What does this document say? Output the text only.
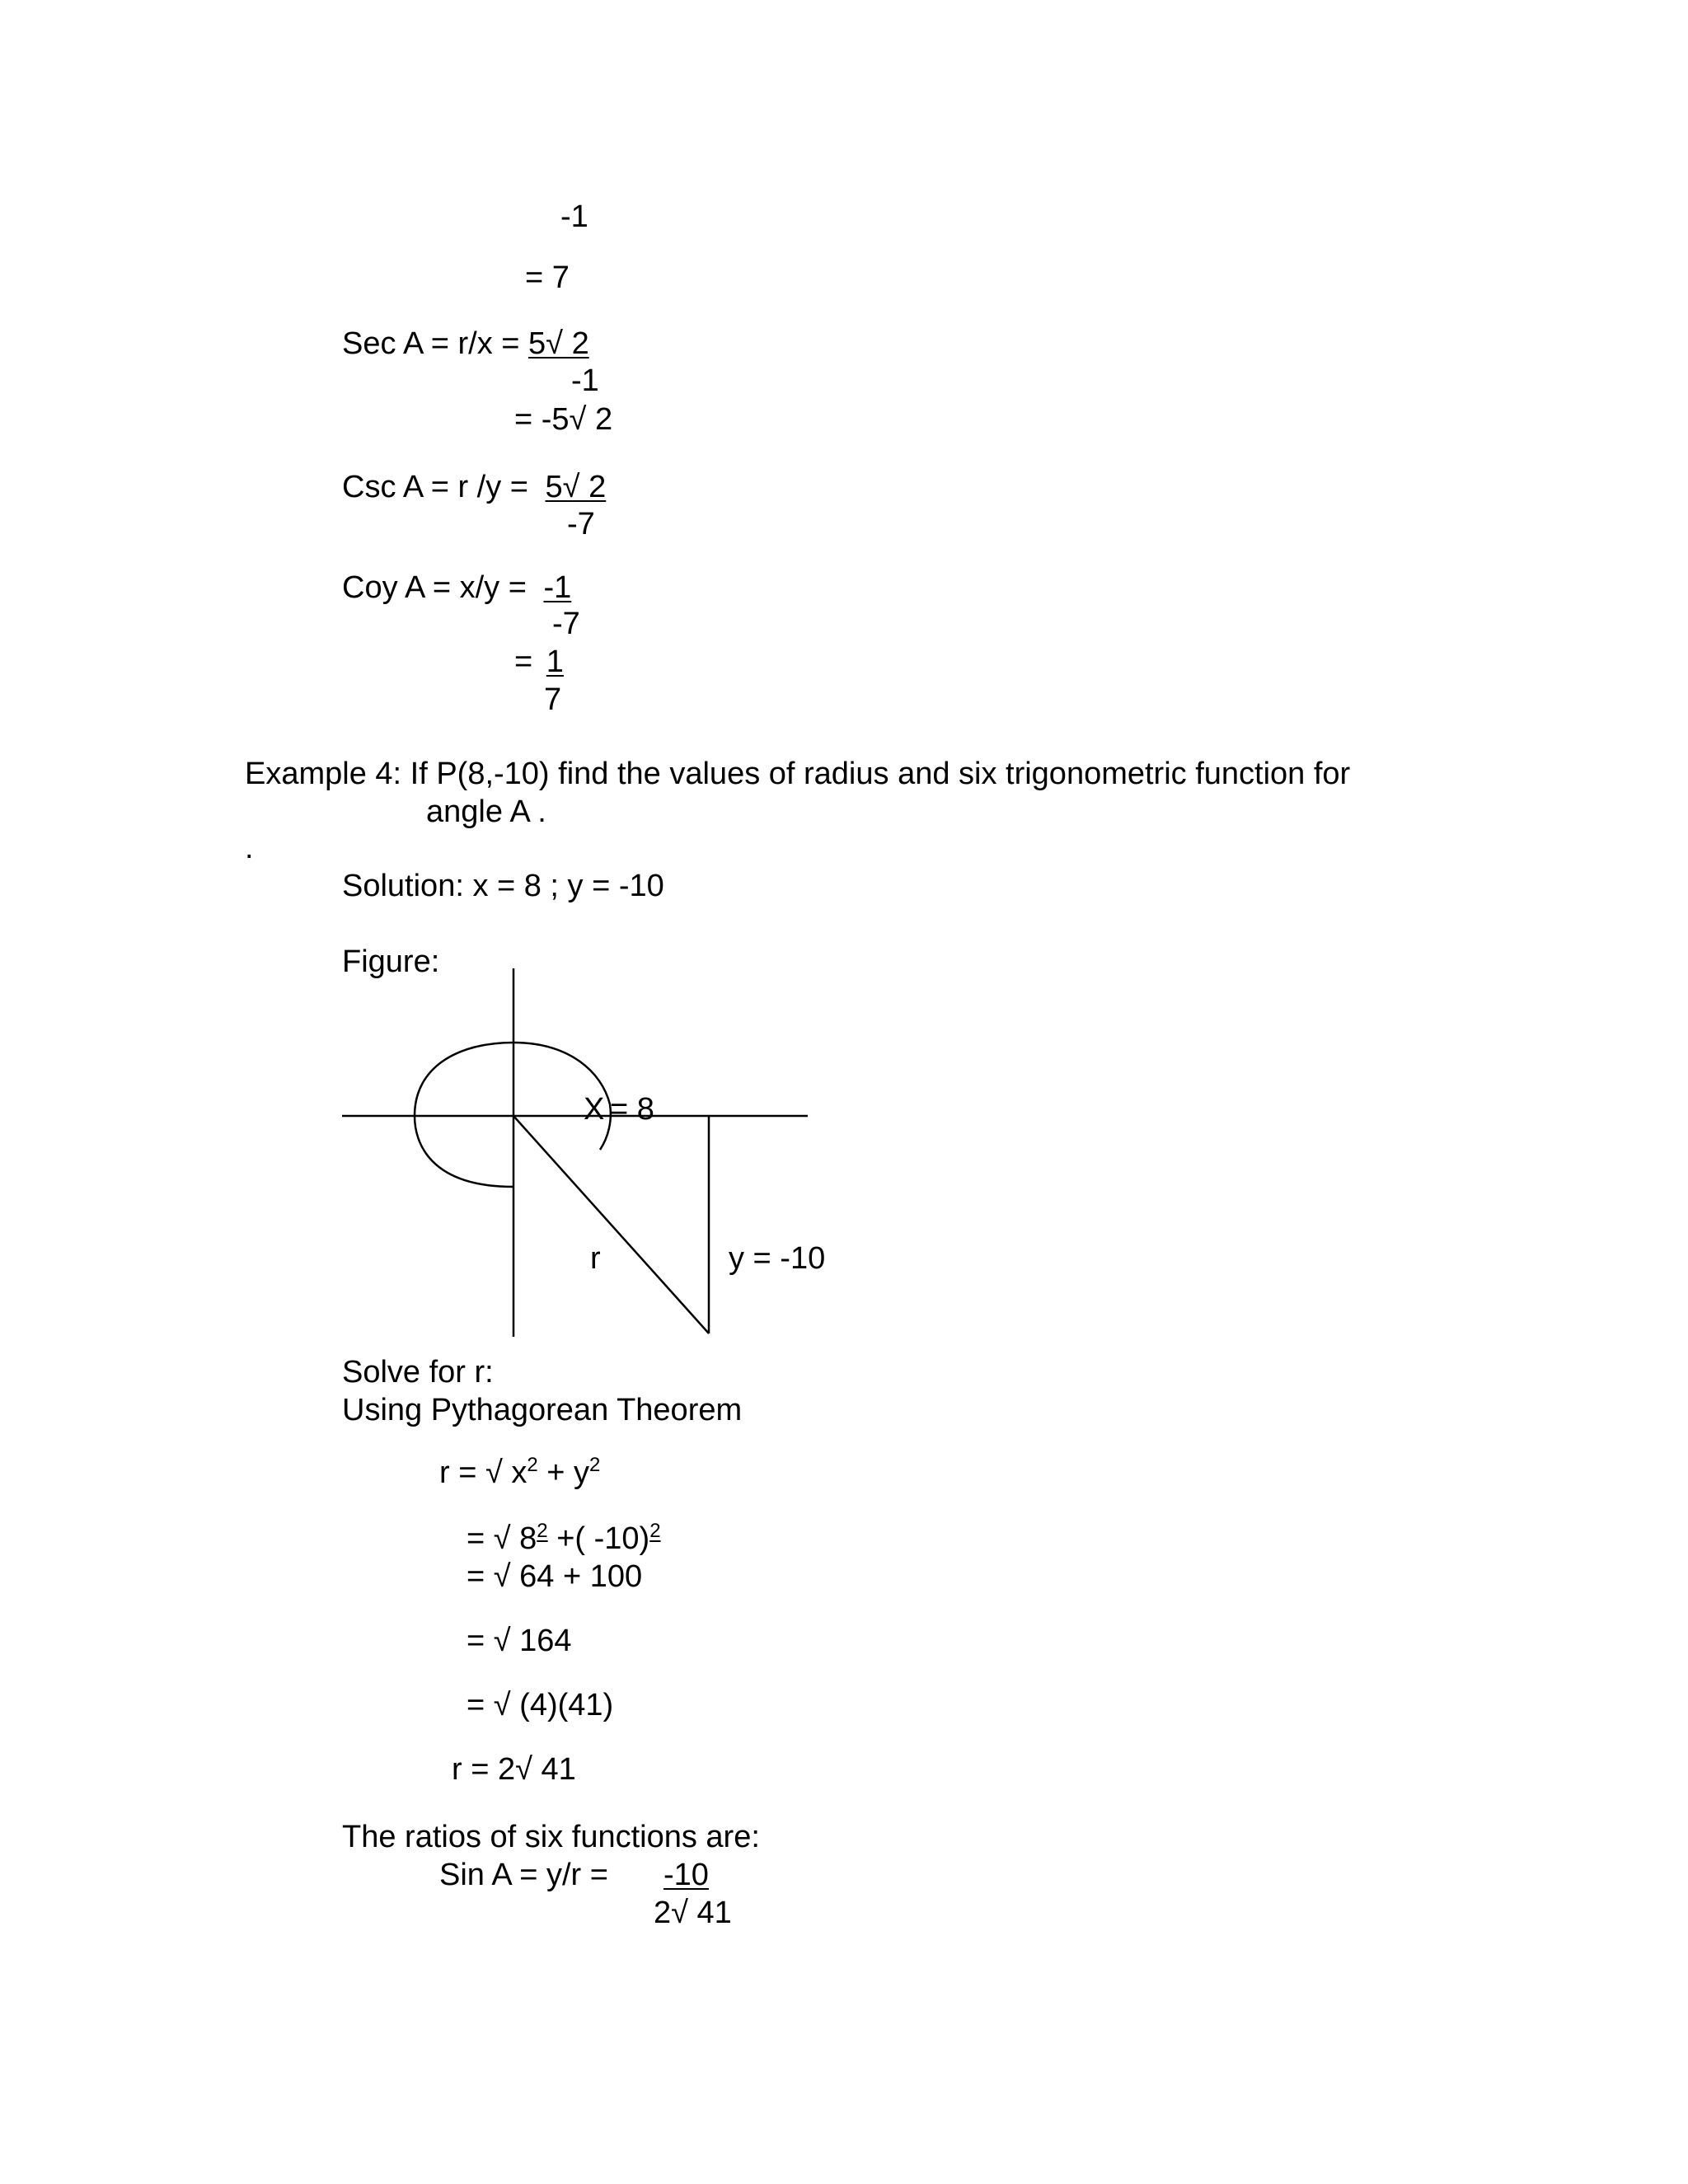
-1
= 7
Sec A = r/x = 5√ 2
-1
= -5√ 2
Csc A = r /y = 5√ 2
-7
Coy A = x/y = -1
-7
= 1
7
Example 4: If P(8,-10) find the values of radius and six trigonometric function for
angle A .
.
Solution: x = 8 ; y = -10
Figure:
X = 8
r	y = -10
Solve for r:
Using Pythagorean Theorem
r = √ $x^2 + y^2$
= √ $8^2$ +( -10)$^2$
= √ 64 + 100
= √ 164
= √ (4)(41)
r = 2√ 41
The ratios of six functions are:
Sin A = y/r = -10
2√ 41
